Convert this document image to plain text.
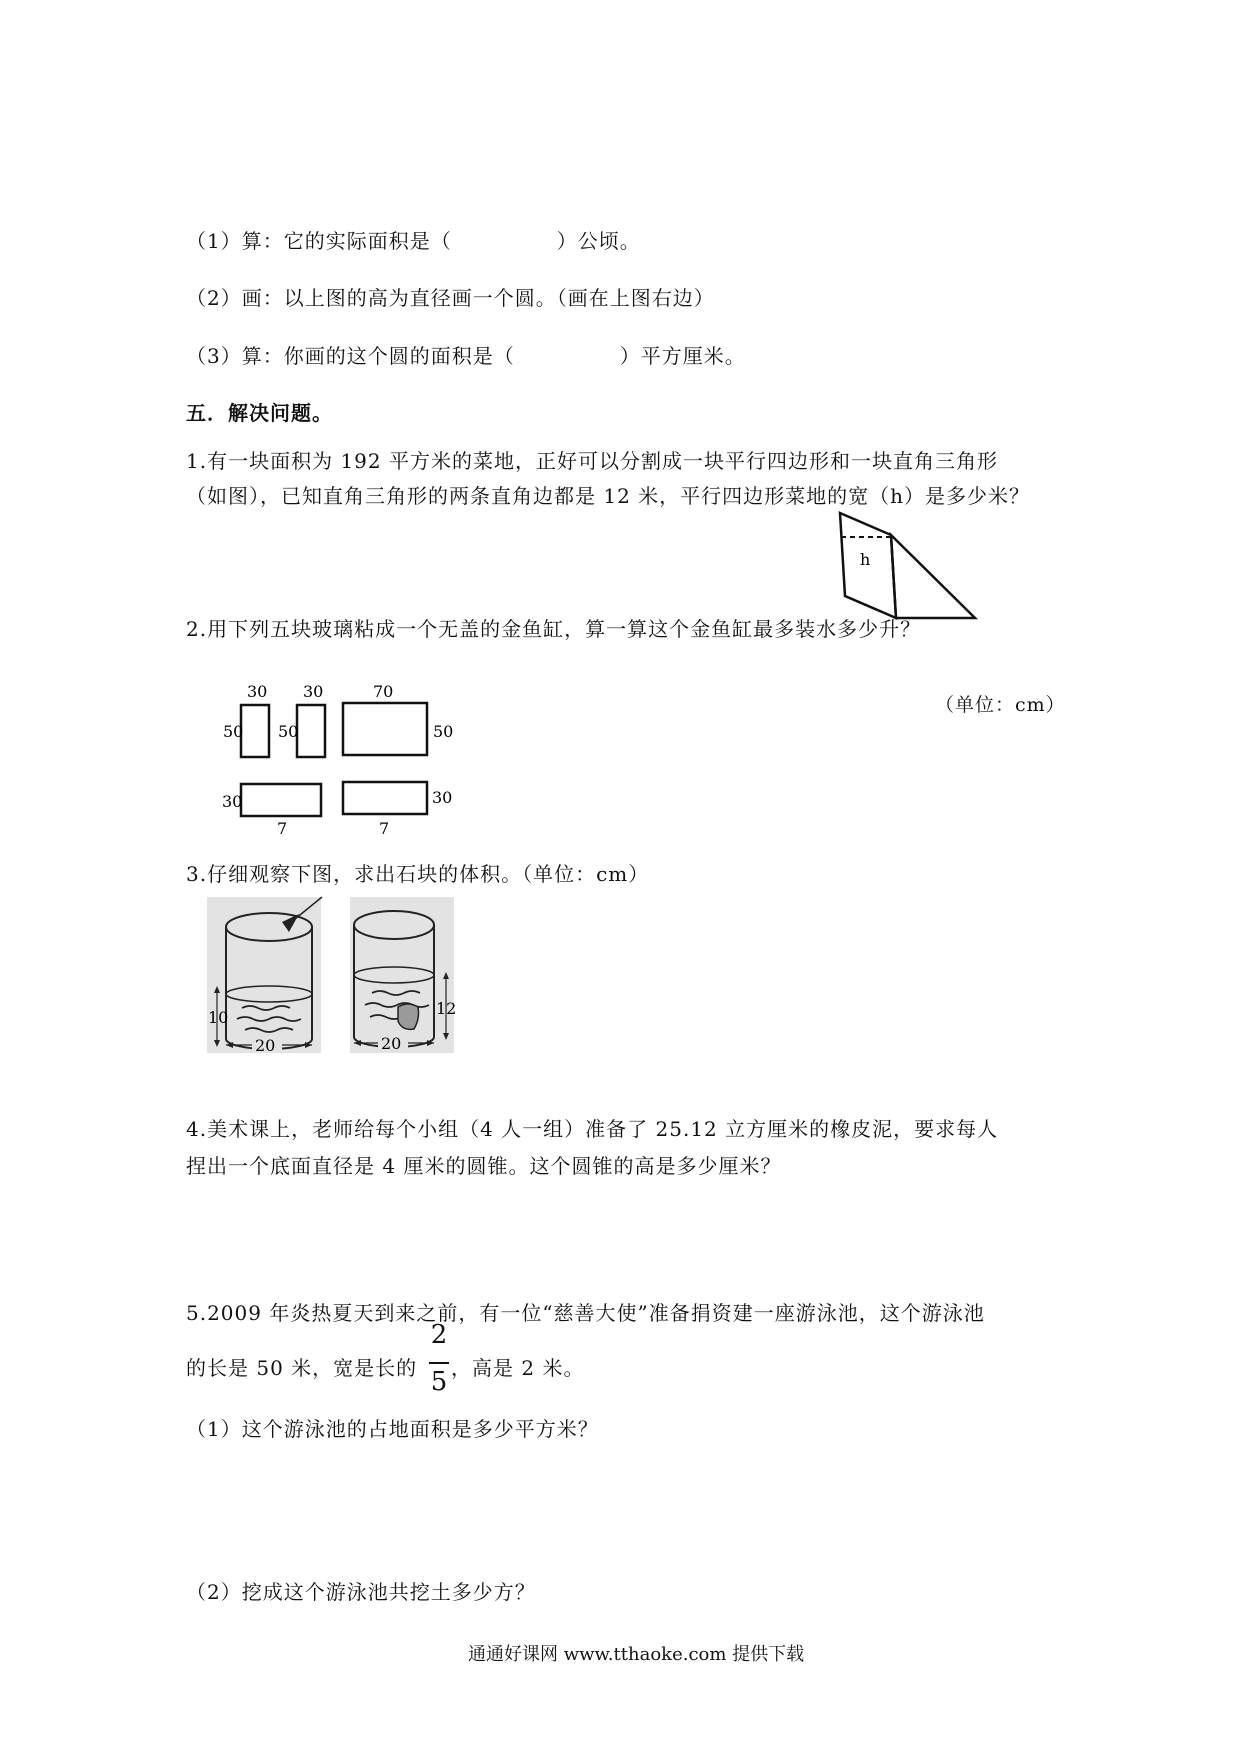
（1）算：它的实际面积是（　　　　　）公顷。
（2）画：以上图的高为直径画一个圆。（画在上图右边）
（3）算：你画的这个圆的面积是（　　　　　）平方厘米。
五．解决问题。
1.有一块面积为 192 平方米的菜地，正好可以分割成一块平行四边形和一块直角三角形
（如图），已知直角三角形的两条直角边都是 12 米，平行四边形菜地的宽（h）是多少米？
h
2.用下列五块玻璃粘成一个无盖的金鱼缸，算一算这个金鱼缸最多装水多少升？
（单位：cm）
30
50
30
50
70
50
30
7
30
7
3.仔细观察下图，求出石块的体积。（单位：cm）
10
20
12
20
4.美术课上，老师给每个小组（4 人一组）准备了 25.12 立方厘米的橡皮泥，要求每人
捏出一个底面直径是 4 厘米的圆锥。这个圆锥的高是多少厘米？
5.2009 年炎热夏天到来之前，有一位“慈善大使”准备捐资建一座游泳池，这个游泳池
的长是 50 米，宽是长的
2
5 ，高是 2 米。
（1）这个游泳池的占地面积是多少平方米？
（2）挖成这个游泳池共挖土多少方？
通通好课网 www.tthaoke.com 提供下载
